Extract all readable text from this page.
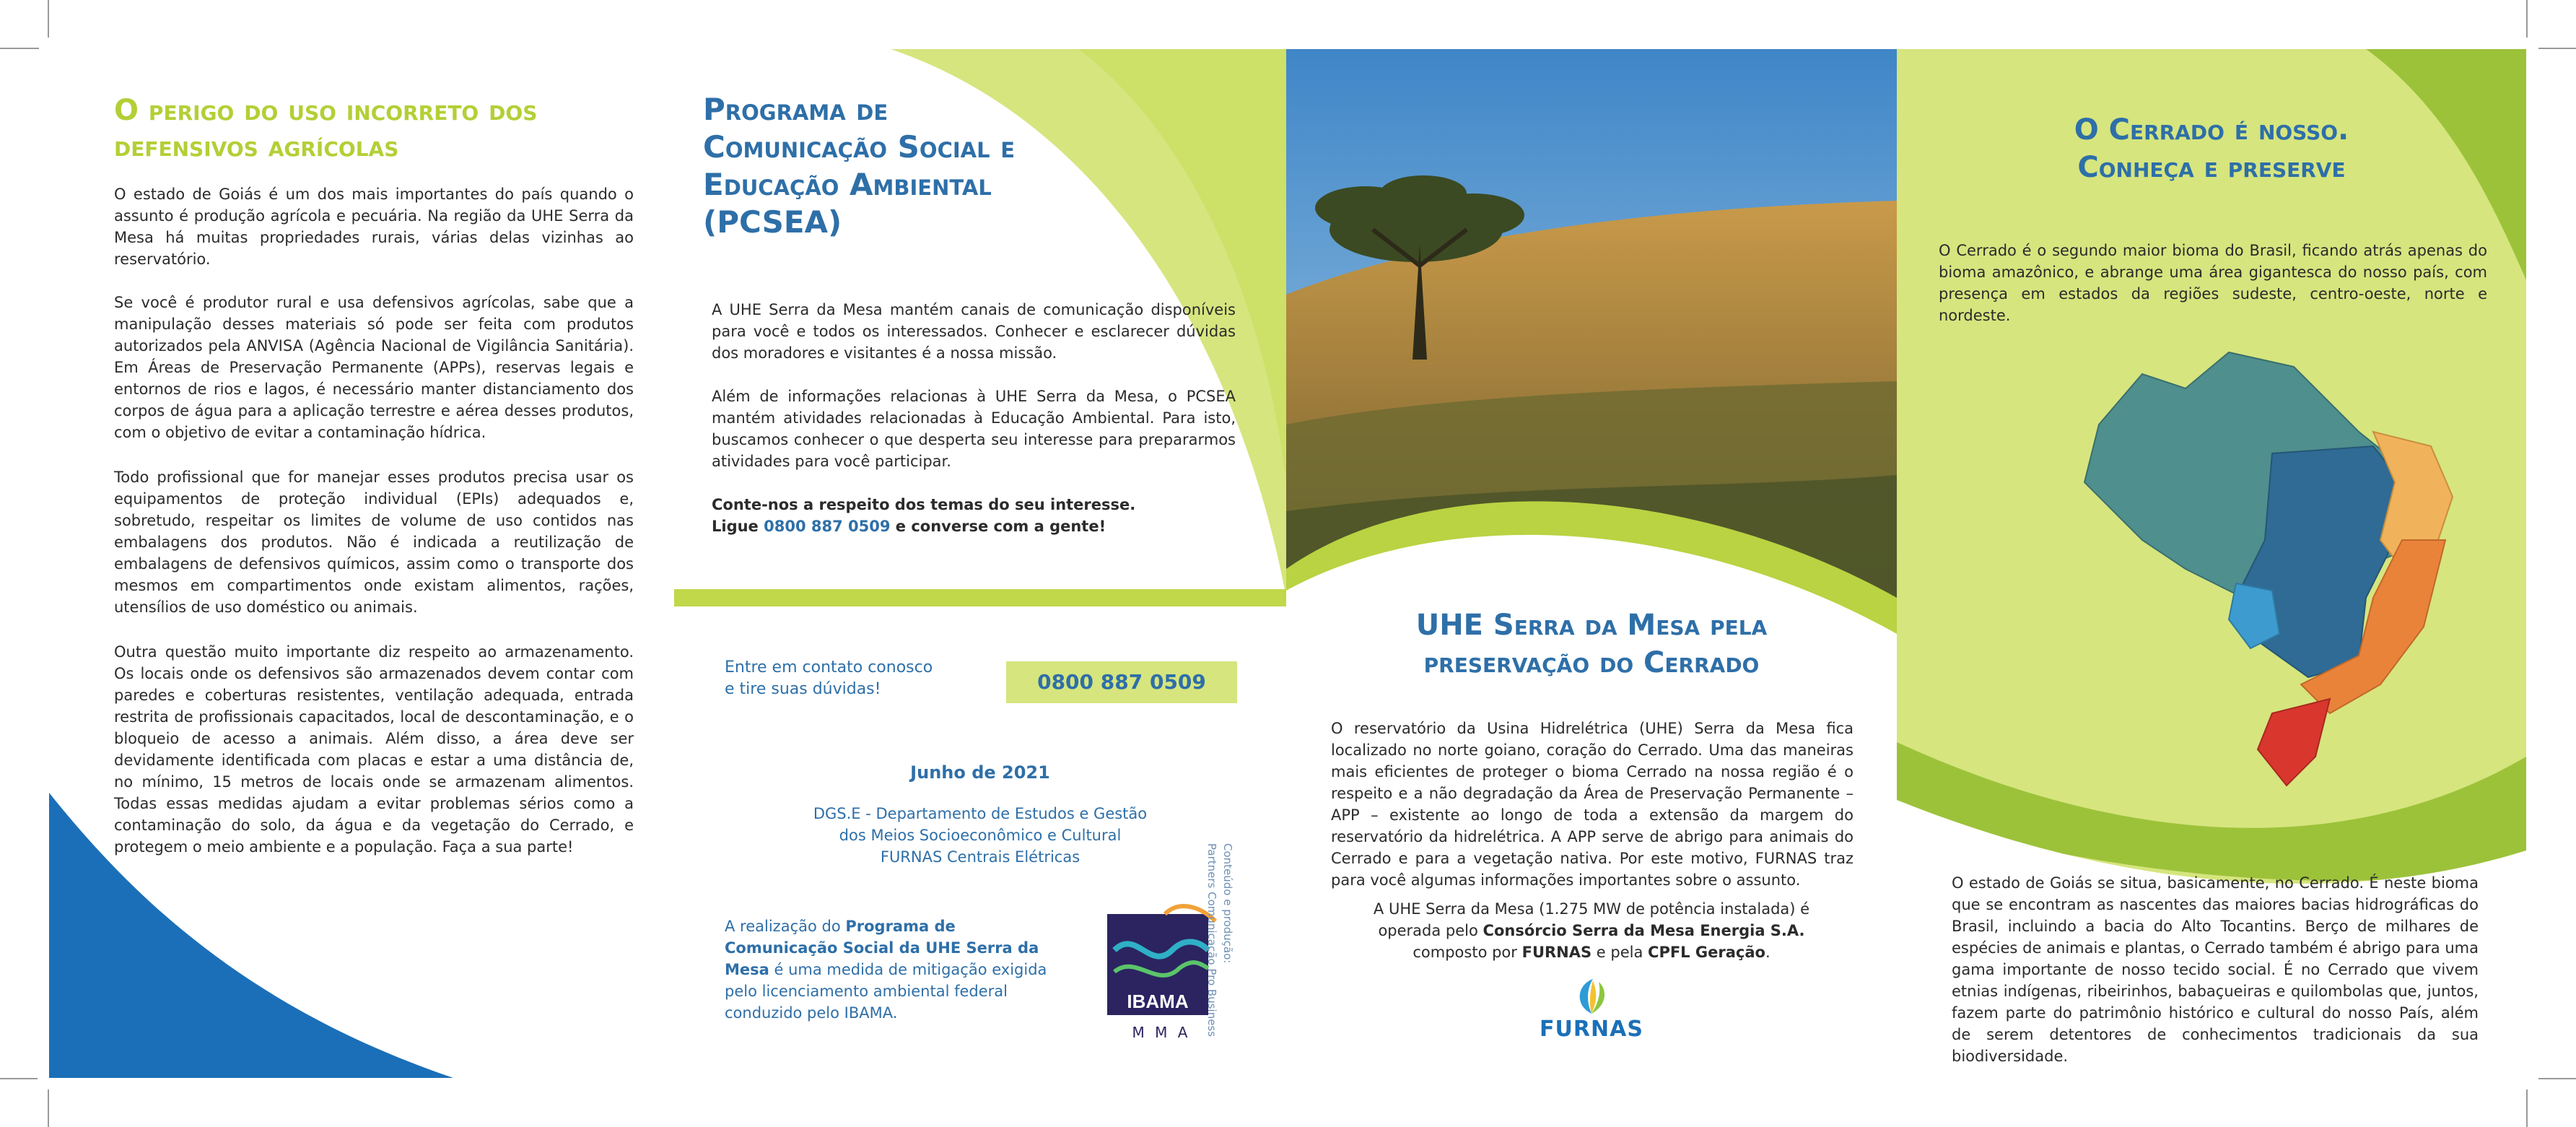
O perigo do uso incorreto dos
defensivos agrícolas

O estado de Goiás é um dos mais importantes do país quando o assunto é produção agrícola e pecuária. Na região da UHE Serra da Mesa há muitas propriedades rurais, várias delas vizinhas ao reservatório.

Se você é produtor rural e usa defensivos agrícolas, sabe que a manipulação desses materiais só pode ser feita com produtos autorizados pela ANVISA (Agência Nacional de Vigilância Sanitária). Em Áreas de Preservação Permanente (APPs), reservas legais e entornos de rios e lagos, é necessário manter distanciamento dos corpos de água para a aplicação terrestre e aérea desses produtos, com o objetivo de evitar a contaminação hídrica.

Todo profissional que for manejar esses produtos precisa usar os equipamentos de proteção individual (EPIs) adequados e, sobretudo, respeitar os limites de volume de uso contidos nas embalagens dos produtos. Não é indicada a reutilização de embalagens de defensivos químicos, assim como o transporte dos mesmos em compartimentos onde existam alimentos, rações, utensílios de uso doméstico ou animais.

Outra questão muito importante diz respeito ao armazenamento. Os locais onde os defensivos são armazenados devem contar com paredes e coberturas resistentes, ventilação adequada, entrada restrita de profissionais capacitados, local de descontaminação, e o bloqueio de acesso a animais. Além disso, a área deve ser devidamente identificada com placas e estar a uma distância de, no mínimo, 15 metros de locais onde se armazenam alimentos. Todas essas medidas ajudam a evitar problemas sérios como a contaminação do solo, da água e da vegetação do Cerrado, e protegem o meio ambiente e a população. Faça a sua parte!

Programa de
Comunicação Social e
Educação Ambiental
(PCSEA)

A UHE Serra da Mesa mantém canais de comunicação disponíveis para você e todos os interessados. Conhecer e esclarecer dúvidas dos moradores e visitantes é a nossa missão.

Além de informações relacionas à UHE Serra da Mesa, o PCSEA mantém atividades relacionadas à Educação Ambiental. Para isto, buscamos conhecer o que desperta seu interesse para prepararmos atividades para você participar.

Conte-nos a respeito dos temas do seu interesse.
Ligue 0800 887 0509 e converse com a gente!
Entre em contato conosco
e tire suas dúvidas!	0800 887 0509
Junho de 2021
DGS.E - Departamento de Estudos e Gestão
dos Meios Socioeconômico e Cultural
FURNAS Centrais Elétricas
A realização do Programa de Comunicação Social da UHE Serra da Mesa é uma medida de mitigação exigida pelo licenciamento ambiental federal conduzido pelo IBAMA.
IBAMA
M M A
Conteúdo e produção:
Partners Comunicação Pro Business
UHE Serra da Mesa pela
preservação do Cerrado

O reservatório da Usina Hidrelétrica (UHE) Serra da Mesa fica localizado no norte goiano, coração do Cerrado. Uma das maneiras mais eficientes de proteger o bioma Cerrado na nossa região é o respeito e a não degradação da Área de Preservação Permanente – APP – existente ao longo de toda a extensão da margem do reservatório da hidrelétrica. A APP serve de abrigo para animais do Cerrado e para a vegetação nativa. Por este motivo, FURNAS traz para você algumas informações importantes sobre o assunto.

A UHE Serra da Mesa (1.275 MW de potência instalada) é
operada pelo Consórcio Serra da Mesa Energia S.A.
composto por FURNAS e pela CPFL Geração.
FURNAS
O Cerrado é nosso.
Conheça e preserve

O Cerrado é o segundo maior bioma do Brasil, ficando atrás apenas do bioma amazônico, e abrange uma área gigantesca do nosso país, com presença em estados da regiões sudeste, centro-oeste, norte e nordeste.

O estado de Goiás se situa, basicamente, no Cerrado. É neste bioma que se encontram as nascentes das maiores bacias hidrográficas do Brasil, incluindo a bacia do Alto Tocantins. Berço de milhares de espécies de animais e plantas, o Cerrado também é abrigo para uma gama importante de nosso tecido social. É no Cerrado que vivem etnias indígenas, ribeirinhos, babaçueiras e quilombolas que, juntos, fazem parte do patrimônio histórico e cultural do nosso País, além de serem detentores de conhecimentos tradicionais da sua biodiversidade.
